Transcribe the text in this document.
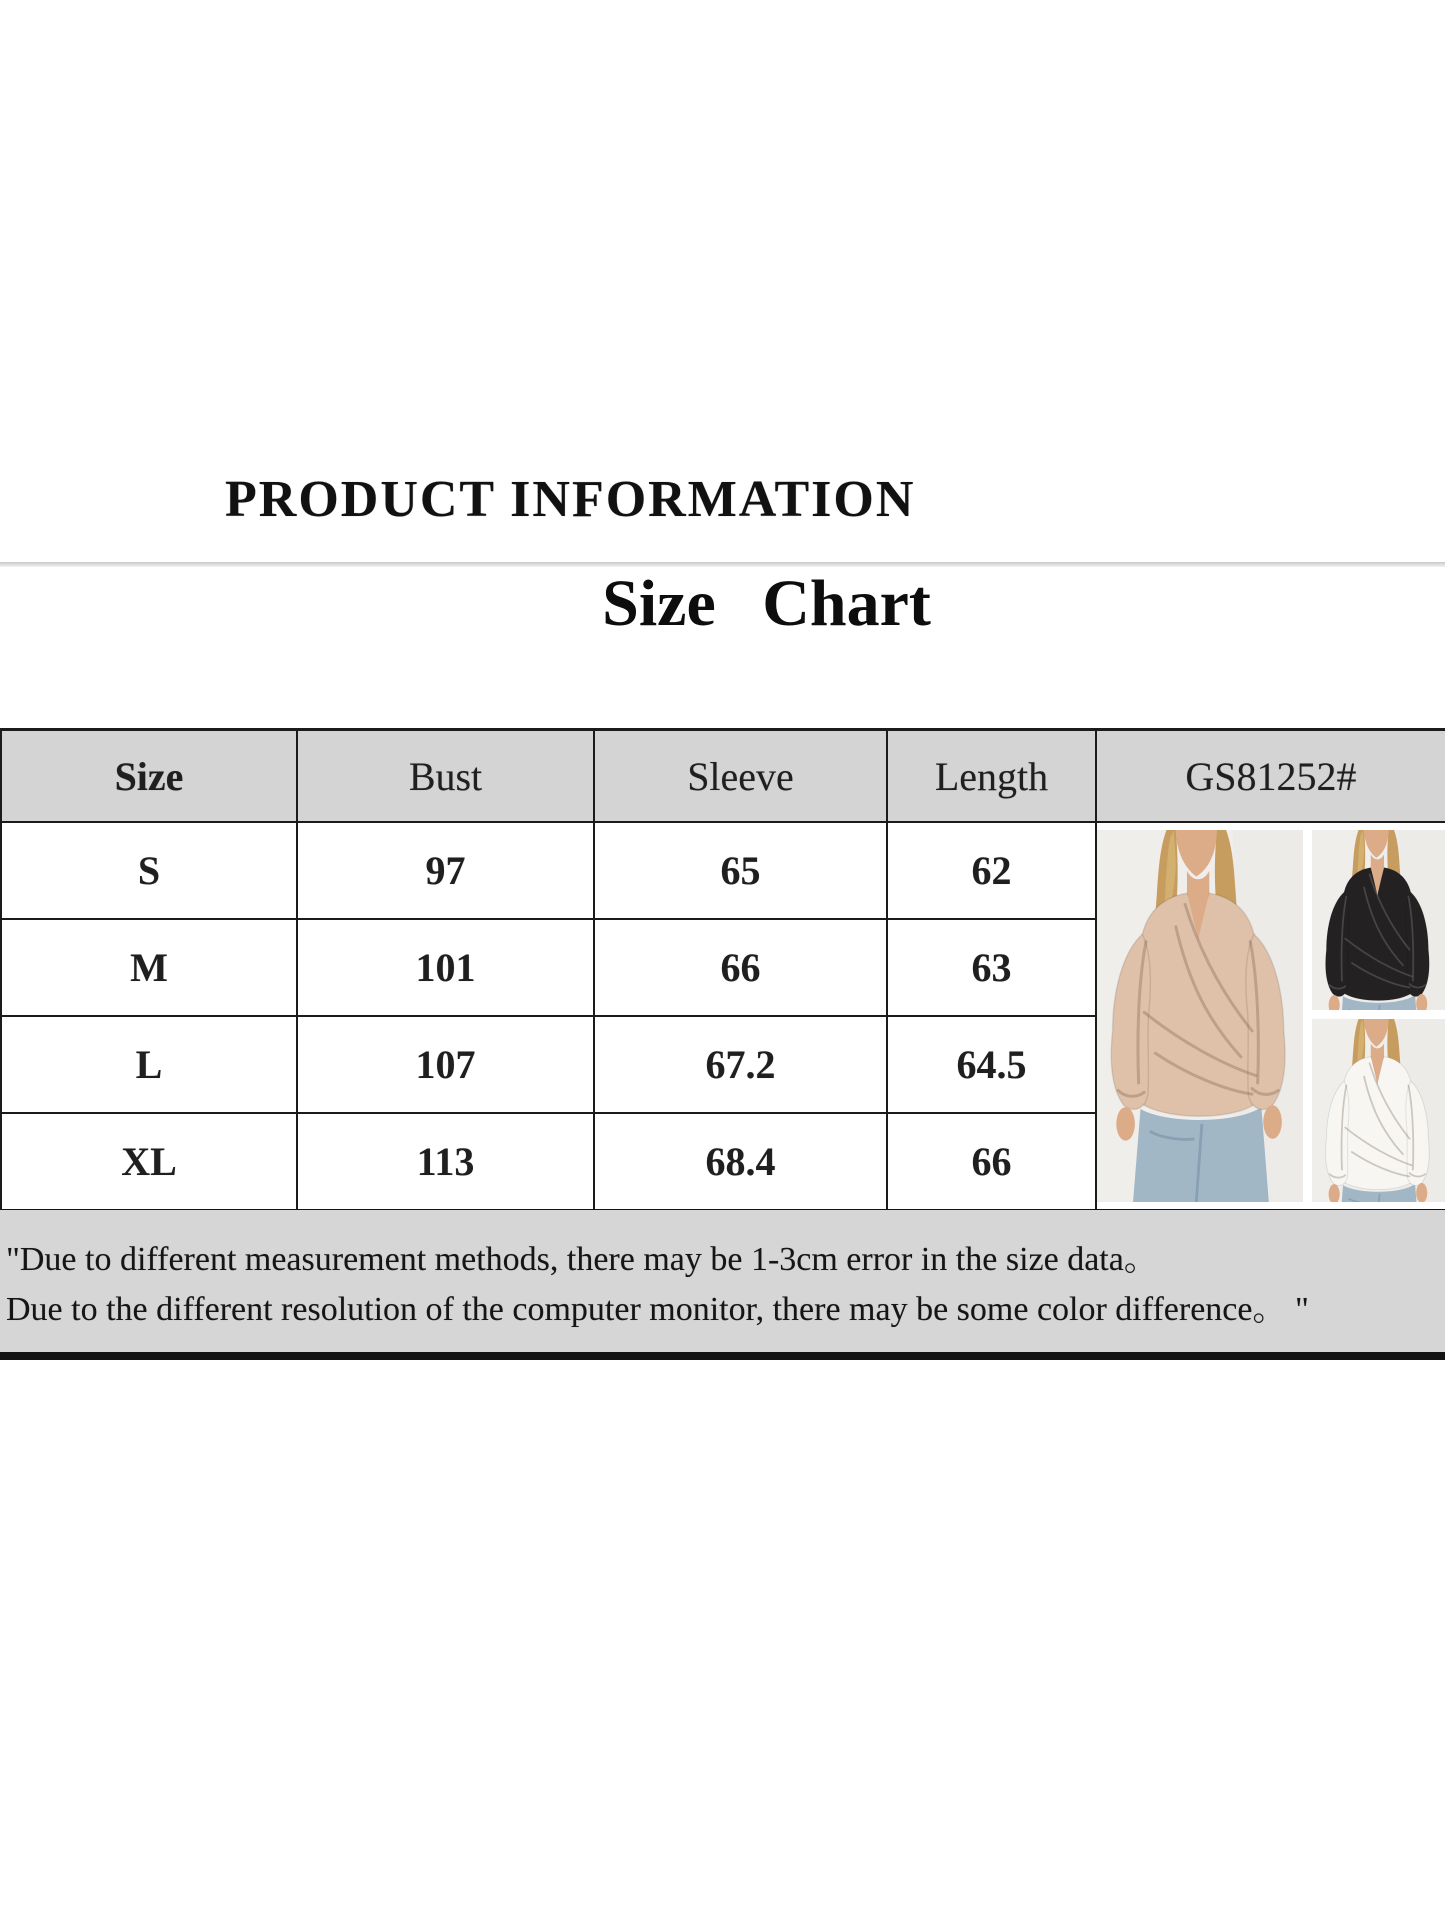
PRODUCT INFORMATION
Size Chart
Size	Bust	Sleeve	Length	GS81252#
S	97	65	62	

M	101	66	63	
L	107	67.2	64.5	
XL	113	68.4	66	

"Due to different measurement methods, there may be 1-3cm error in the size data。

Due to the different resolution of the computer monitor, there may be some color difference。 "
